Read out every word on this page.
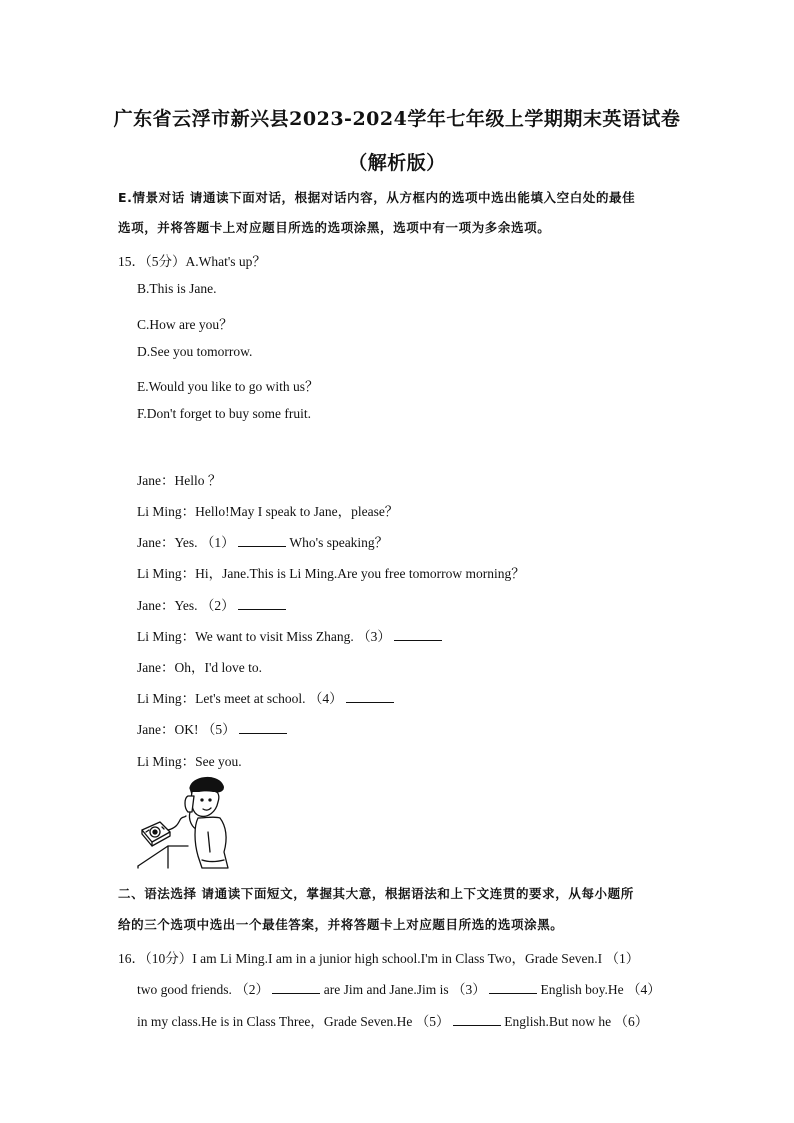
广东省云浮市新兴县2023-2024学年七年级上学期期末英语试卷
（解析版）
E.情景对话 请通读下面对话，根据对话内容，从方框内的选项中选出能填入空白处的最佳
选项，并将答题卡上对应题目所选的选项涂黑，选项中有一项为多余选项。
15．（5分）A.What's up？
B.This is Jane.
C.How are you？
D.See you tomorrow.
E.Would you like to go with us？
F.Don't forget to buy some fruit.
Jane：Hello ？
Li Ming：Hello!May I speak to Jane，please？
Jane：Yes. （1）	Who's speaking？
Li Ming：Hi，Jane.This is Li Ming.Are you free tomorrow morning？
Jane：Yes. （2）
Li Ming：We want to visit Miss Zhang. （3）
Jane：Oh，I'd love to.
Li Ming：Let's meet at school. （4）
Jane：OK! （5）
Li Ming：See you.
二、语法选择 请通读下面短文，掌握其大意，根据语法和上下文连贯的要求，从每小题所
给的三个选项中选出一个最佳答案，并将答题卡上对应题目所选的选项涂黑。
16．（10分）I am Li Ming.I am in a junior high school.I'm in Class Two，Grade Seven.I （1）
two good friends. （2）	are Jim and Jane.Jim is （3）	English boy.He （4）
in my class.He is in Class Three，Grade Seven.He （5）	English.But now he （6）
